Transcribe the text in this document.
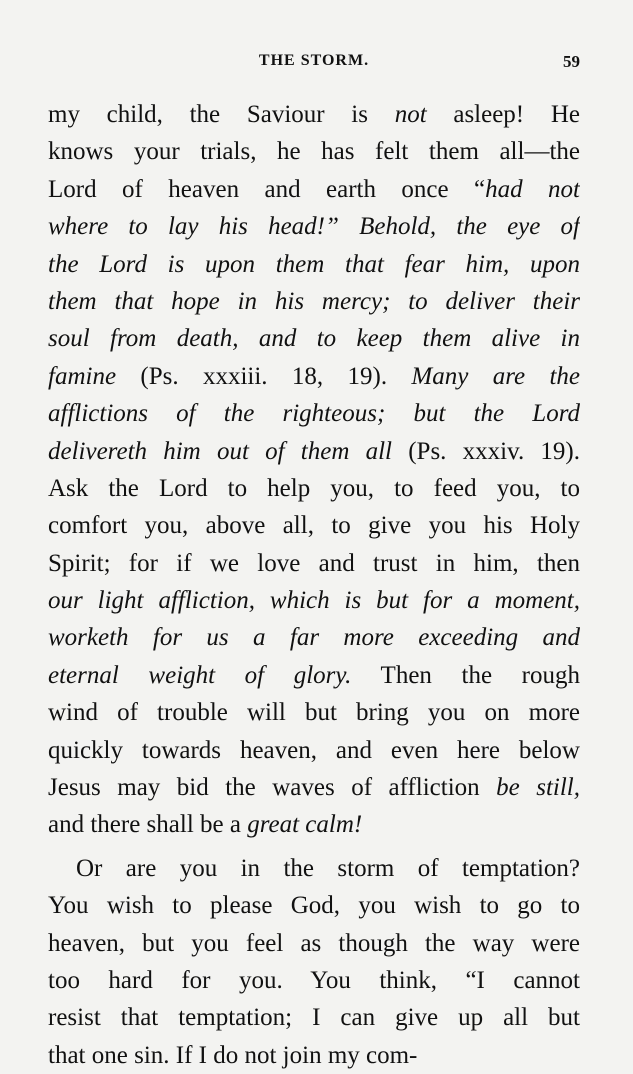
THE STORM.	59
my child, the Saviour is not asleep! He
knows your trials, he has felt them all—the
Lord of heaven and earth once “had not
where to lay his head!” Behold, the eye of
the Lord is upon them that fear him, upon
them that hope in his mercy; to deliver their
soul from death, and to keep them alive in
famine (Ps. xxxiii. 18, 19). Many are the
afflictions of the righteous; but the Lord
delivereth him out of them all (Ps. xxxiv. 19).
Ask the Lord to help you, to feed you, to
comfort you, above all, to give you his Holy
Spirit; for if we love and trust in him, then
our light affliction, which is but for a moment,
worketh for us a far more exceeding and
eternal weight of glory. Then the rough
wind of trouble will but bring you on more
quickly towards heaven, and even here below
Jesus may bid the waves of affliction be still,
and there shall be a great calm!
Or are you in the storm of temptation?
You wish to please God, you wish to go to
heaven, but you feel as though the way were
too hard for you. You think, “I cannot
resist that temptation; I can give up all but
that one sin. If I do not join my com-
